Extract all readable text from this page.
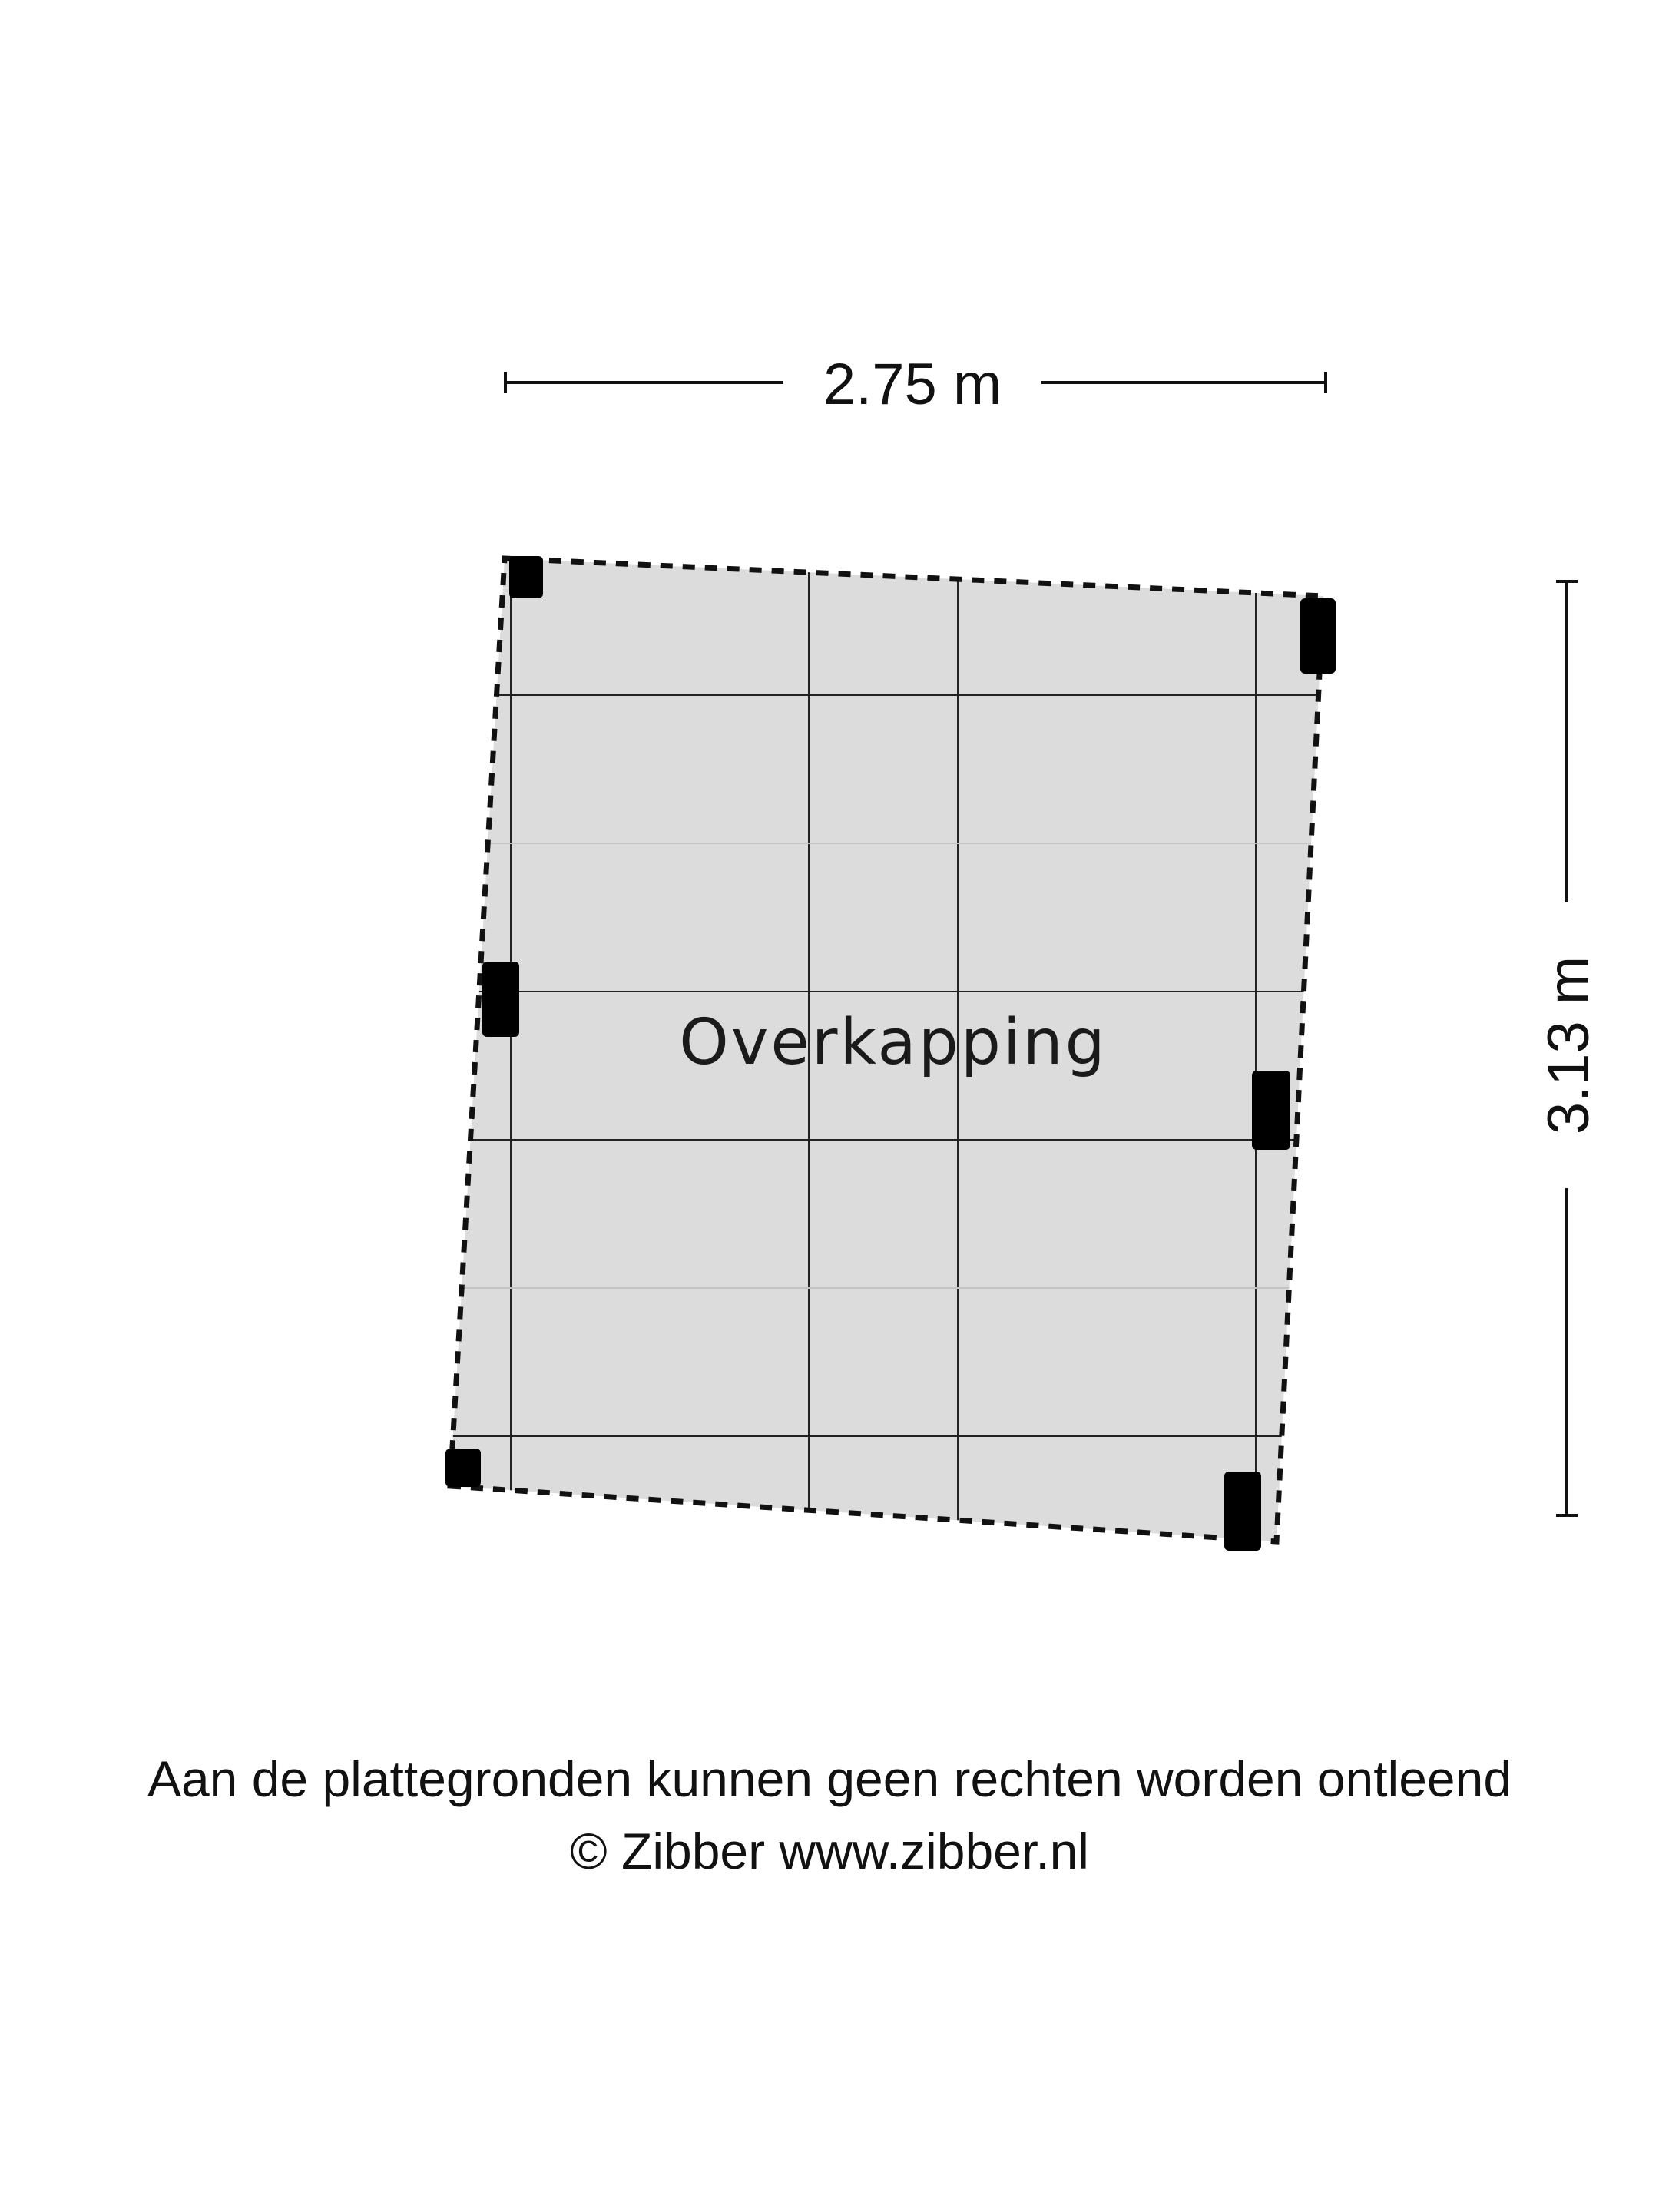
2.75 m
3.13 m
Overkapping
Aan de plattegronden kunnen geen rechten worden ontleend
© Zibber www.zibber.nl
